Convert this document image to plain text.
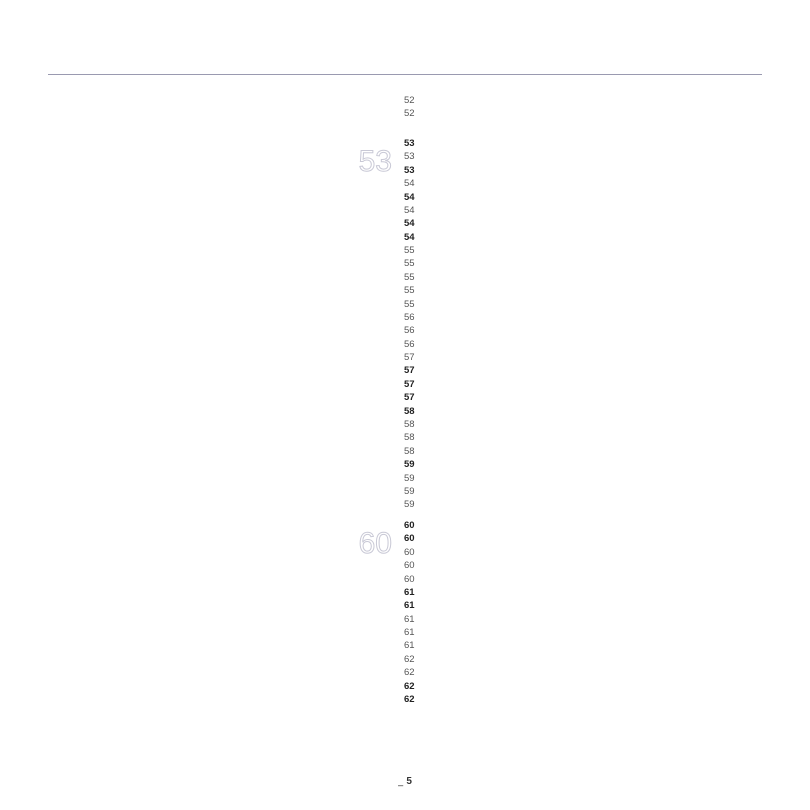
53
60
52
52
53
53
53
54
54
54
54
54
55
55
55
55
55
56
56
56
57
57
57
57
58
58
58
58
59
59
59
59
60
60
60
60
60
61
61
61
61
61
62
62
62
62
_ 5
